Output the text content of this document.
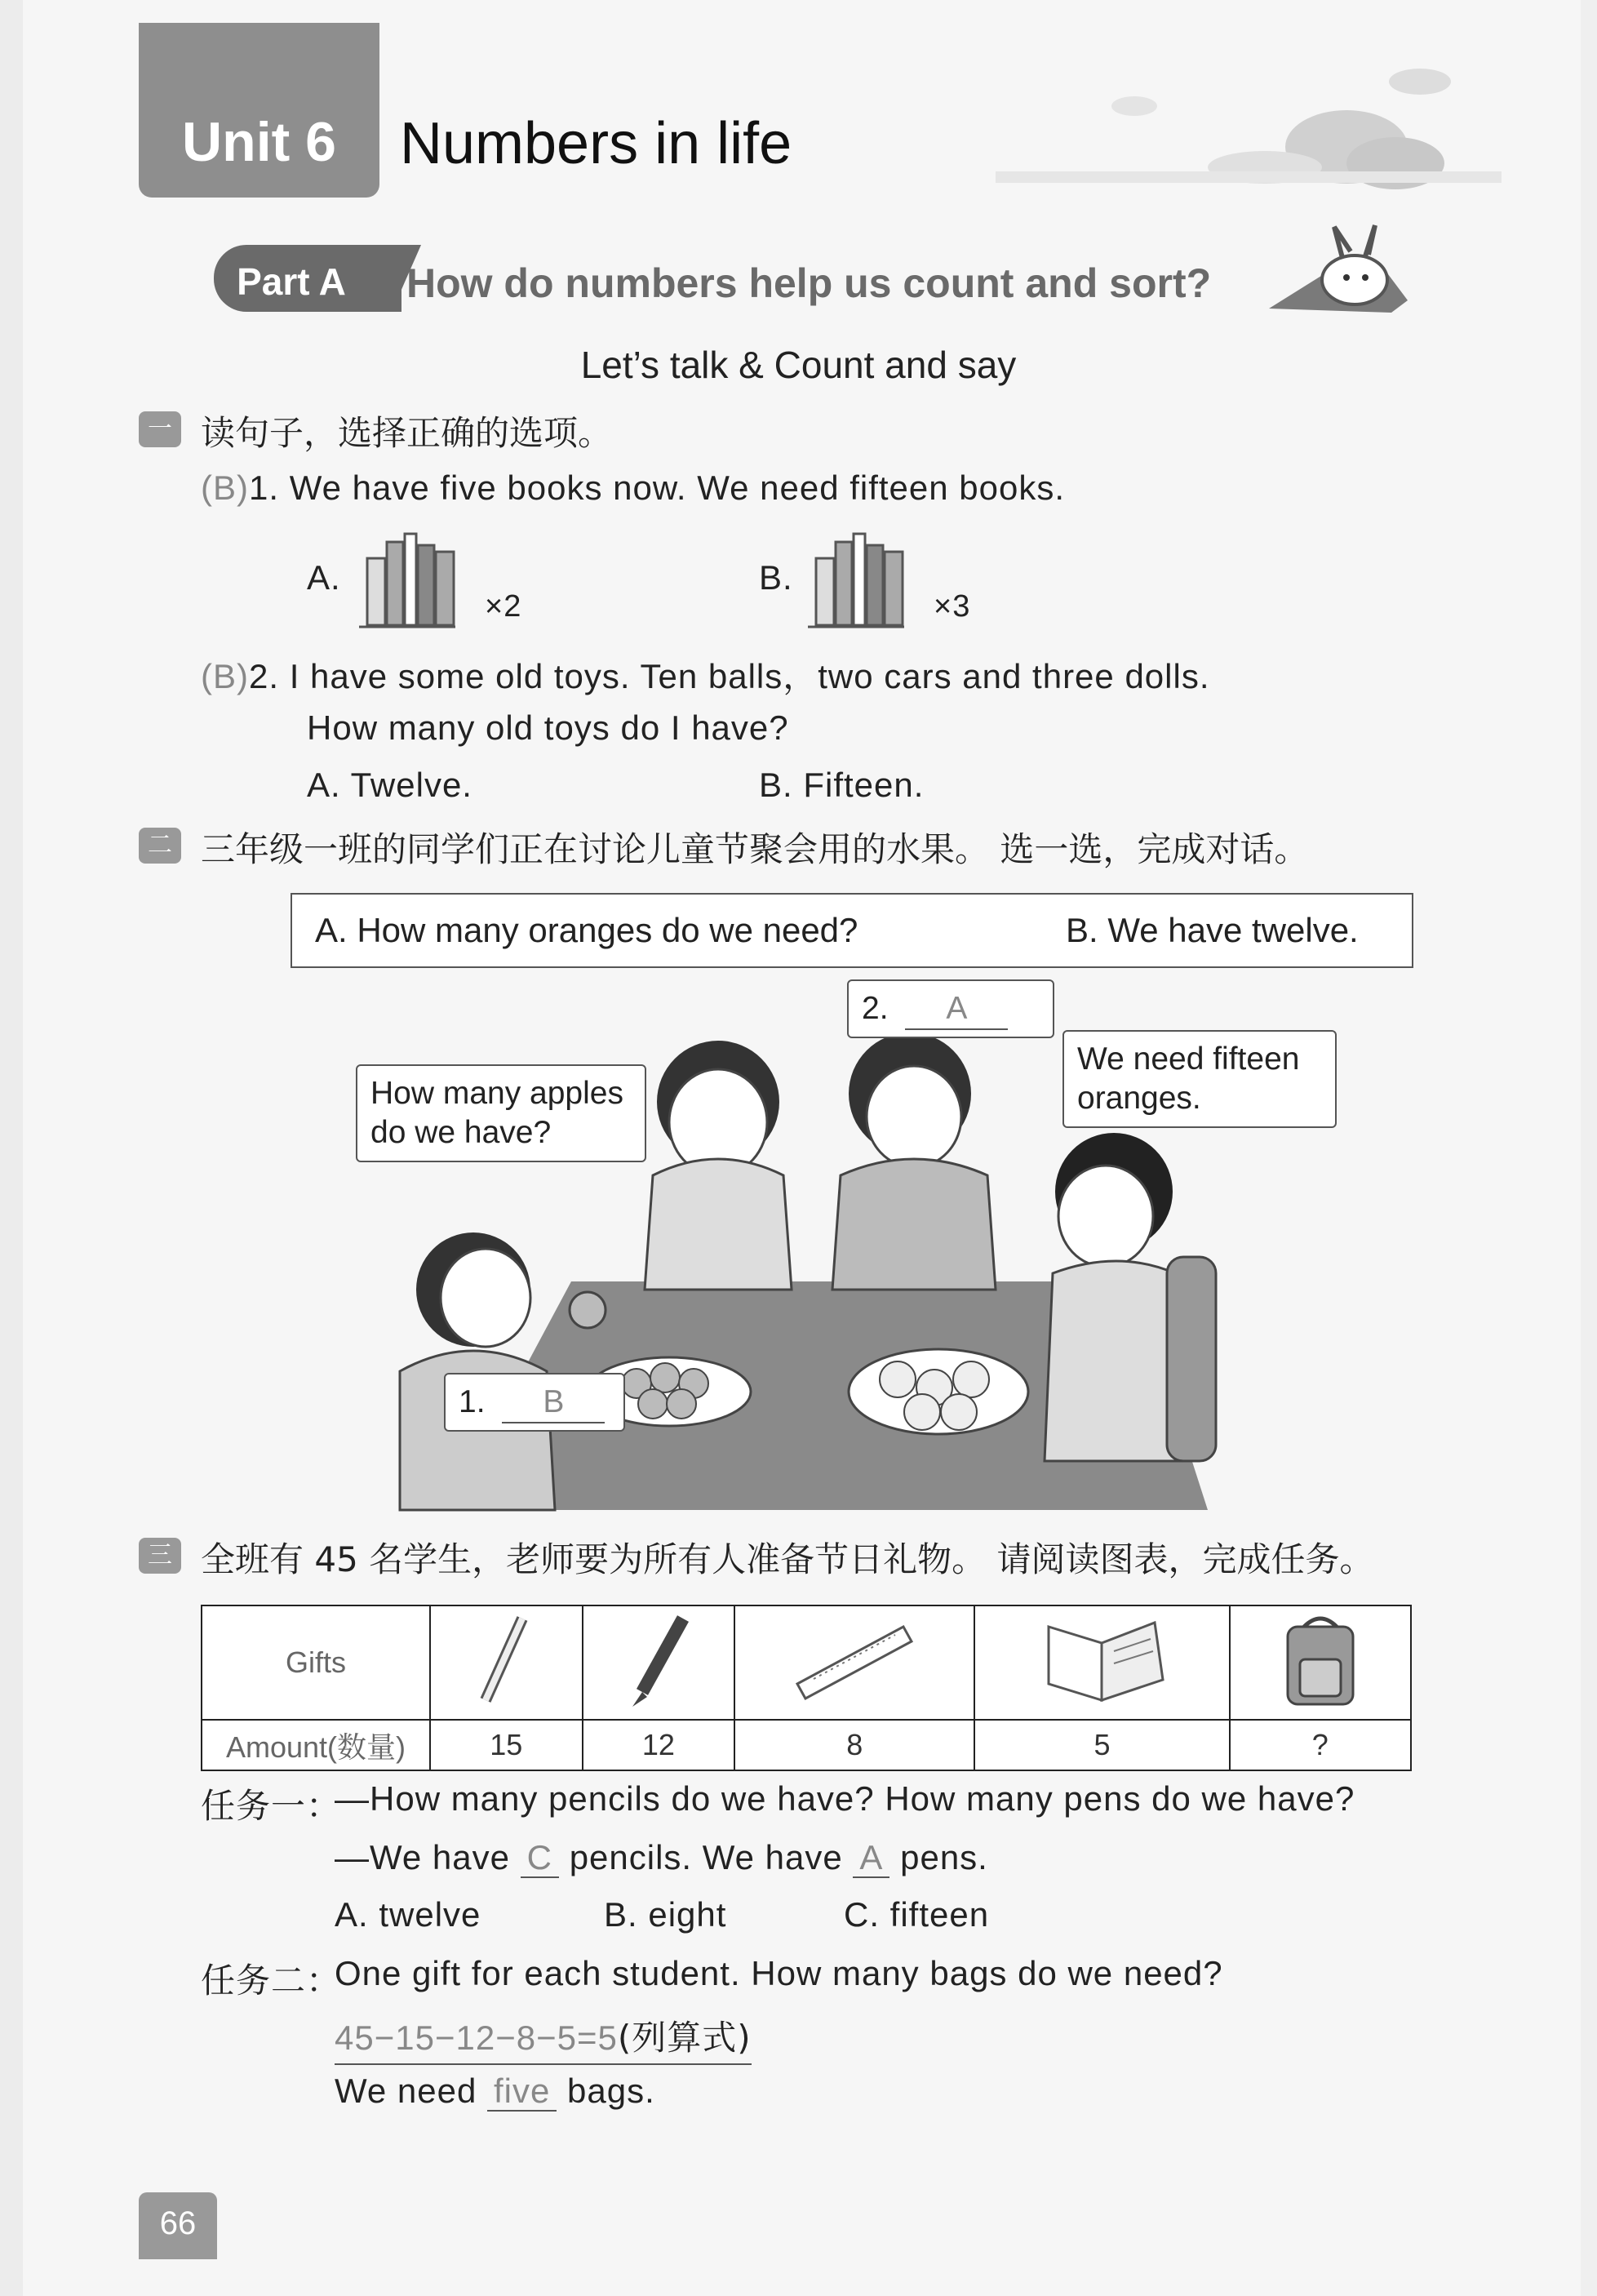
Unit 6	Numbers in life
Part A	How do numbers help us count and sort?
Let’s talk & Count and say
一 读句子，选择正确的选项。
(B)1. We have five books now. We need fifteen books.
A.
×2
B.
×3
(B)2. I have some old toys. Ten balls，two cars and three dolls.
How many old toys do I have?
A. Twelve.	B. Fifteen.
二 三年级一班的同学们正在讨论儿童节聚会用的水果。 选一选，完成对话。
A. How many oranges do we need?	B. We have twelve.
How many apples do we have?
We need fifteen oranges.
2. A
1. B
三 全班有 45 名学生，老师要为所有人准备节日礼物。 请阅读图表，完成任务。
Gifts					
Amount(数量)	15	12	8	5	?
任务一：
—How many pencils do we have? How many pens do we have?
—We have C pencils. We have A pens.
A. twelve	B. eight	C. fifteen
任务二：
One gift for each student. How many bags do we need?
45−15−12−8−5=5(列算式)
We need five bags.
66
